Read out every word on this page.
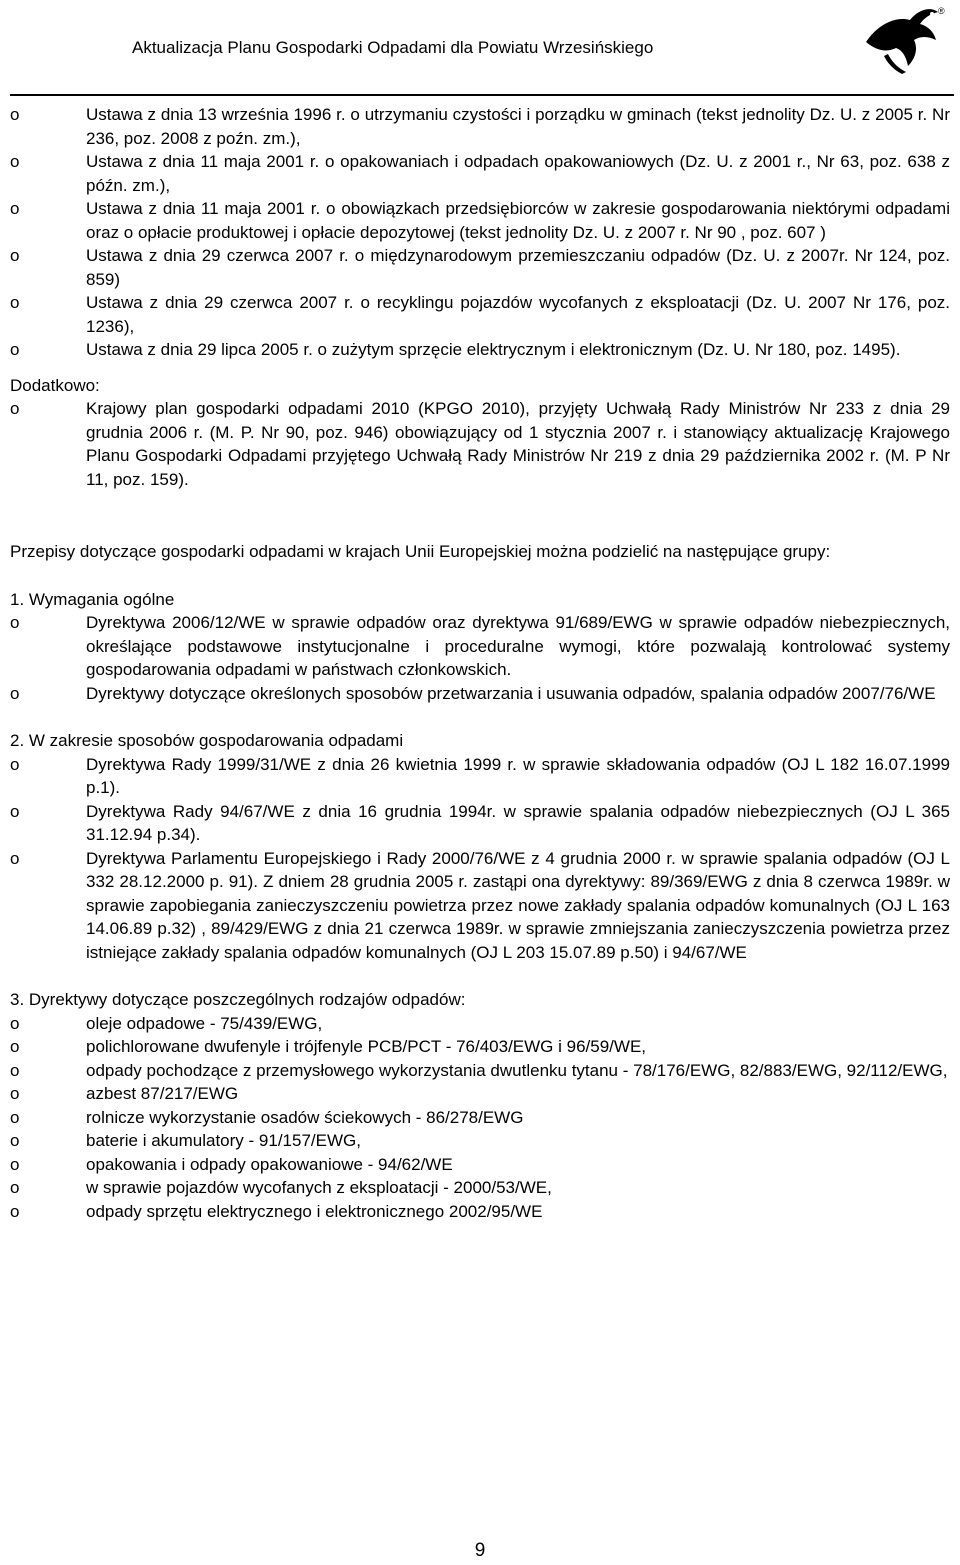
Aktualizacja Planu Gospodarki Odpadami dla Powiatu Wrzesińskiego
®
o	Ustawa z dnia 13 września 1996 r. o utrzymaniu czystości i porządku w gminach (tekst jednolity Dz. U. z 2005 r. Nr 236, poz. 2008 z poźn. zm.),
o	Ustawa z dnia 11 maja 2001 r. o opakowaniach i odpadach opakowaniowych (Dz. U. z 2001 r., Nr 63, poz. 638 z późn. zm.),
o	Ustawa z dnia 11 maja 2001 r. o obowiązkach przedsiębiorców w zakresie gospodarowania niektórymi odpadami oraz o opłacie produktowej i opłacie depozytowej (tekst jednolity Dz. U. z 2007 r. Nr 90 , poz. 607 )
o	Ustawa z dnia 29 czerwca 2007 r. o międzynarodowym przemieszczaniu odpadów (Dz. U. z 2007r. Nr 124, poz. 859)
o	Ustawa z dnia 29 czerwca 2007 r. o recyklingu pojazdów wycofanych z eksploatacji (Dz. U. 2007 Nr 176, poz. 1236),
o	Ustawa z dnia 29 lipca 2005 r. o zużytym sprzęcie elektrycznym i elektronicznym (Dz. U. Nr 180, poz. 1495).

Dodatkowo:

o	Krajowy plan gospodarki odpadami 2010 (KPGO 2010), przyjęty Uchwałą Rady Ministrów Nr 233 z dnia 29 grudnia 2006 r. (M. P. Nr 90, poz. 946) obowiązujący od 1 stycznia 2007 r. i stanowiący aktualizację Krajowego Planu Gospodarki Odpadami przyjętego Uchwałą Rady Ministrów Nr 219 z dnia 29 października 2002 r. (M. P Nr 11, poz. 159).

Przepisy dotyczące gospodarki odpadami w krajach Unii Europejskiej można podzielić na następujące grupy:

1. Wymagania ogólne

o	Dyrektywa 2006/12/WE w sprawie odpadów oraz dyrektywa 91/689/EWG w sprawie odpadów niebezpiecznych, określające podstawowe instytucjonalne i proceduralne wymogi, które pozwalają kontrolować systemy gospodarowania odpadami w państwach członkowskich.
o	Dyrektywy dotyczące określonych sposobów przetwarzania i usuwania odpadów, spalania odpadów 2007/76/WE

2. W zakresie sposobów gospodarowania odpadami

o	Dyrektywa Rady 1999/31/WE z dnia 26 kwietnia 1999 r. w sprawie składowania odpadów (OJ L 182 16.07.1999 p.1).
o	Dyrektywa Rady 94/67/WE z dnia 16 grudnia 1994r. w sprawie spalania odpadów niebezpiecznych (OJ L 365 31.12.94 p.34).
o	Dyrektywa Parlamentu Europejskiego i Rady 2000/76/WE z 4 grudnia 2000 r. w sprawie spalania odpadów (OJ L 332 28.12.2000 p. 91). Z dniem 28 grudnia 2005 r. zastąpi ona dyrektywy: 89/369/EWG z dnia 8 czerwca 1989r. w sprawie zapobiegania zanieczyszczeniu powietrza przez nowe zakłady spalania odpadów komunalnych (OJ L 163 14.06.89 p.32) , 89/429/EWG z dnia 21 czerwca 1989r. w sprawie zmniejszania zanieczyszczenia powietrza przez istniejące zakłady spalania odpadów komunalnych (OJ L 203 15.07.89 p.50) i 94/67/WE

3. Dyrektywy dotyczące poszczególnych rodzajów odpadów:

o	oleje odpadowe - 75/439/EWG,
o	polichlorowane dwufenyle i trójfenyle PCB/PCT - 76/403/EWG i 96/59/WE,
o	odpady pochodzące z przemysłowego wykorzystania dwutlenku tytanu - 78/176/EWG, 82/883/EWG, 92/112/EWG,
o	azbest 87/217/EWG
o	rolnicze wykorzystanie osadów ściekowych - 86/278/EWG
o	baterie i akumulatory - 91/157/EWG,
o	opakowania i odpady opakowaniowe - 94/62/WE
o	w sprawie pojazdów wycofanych z eksploatacji - 2000/53/WE,
o	odpady sprzętu elektrycznego i elektronicznego 2002/95/WE
9
